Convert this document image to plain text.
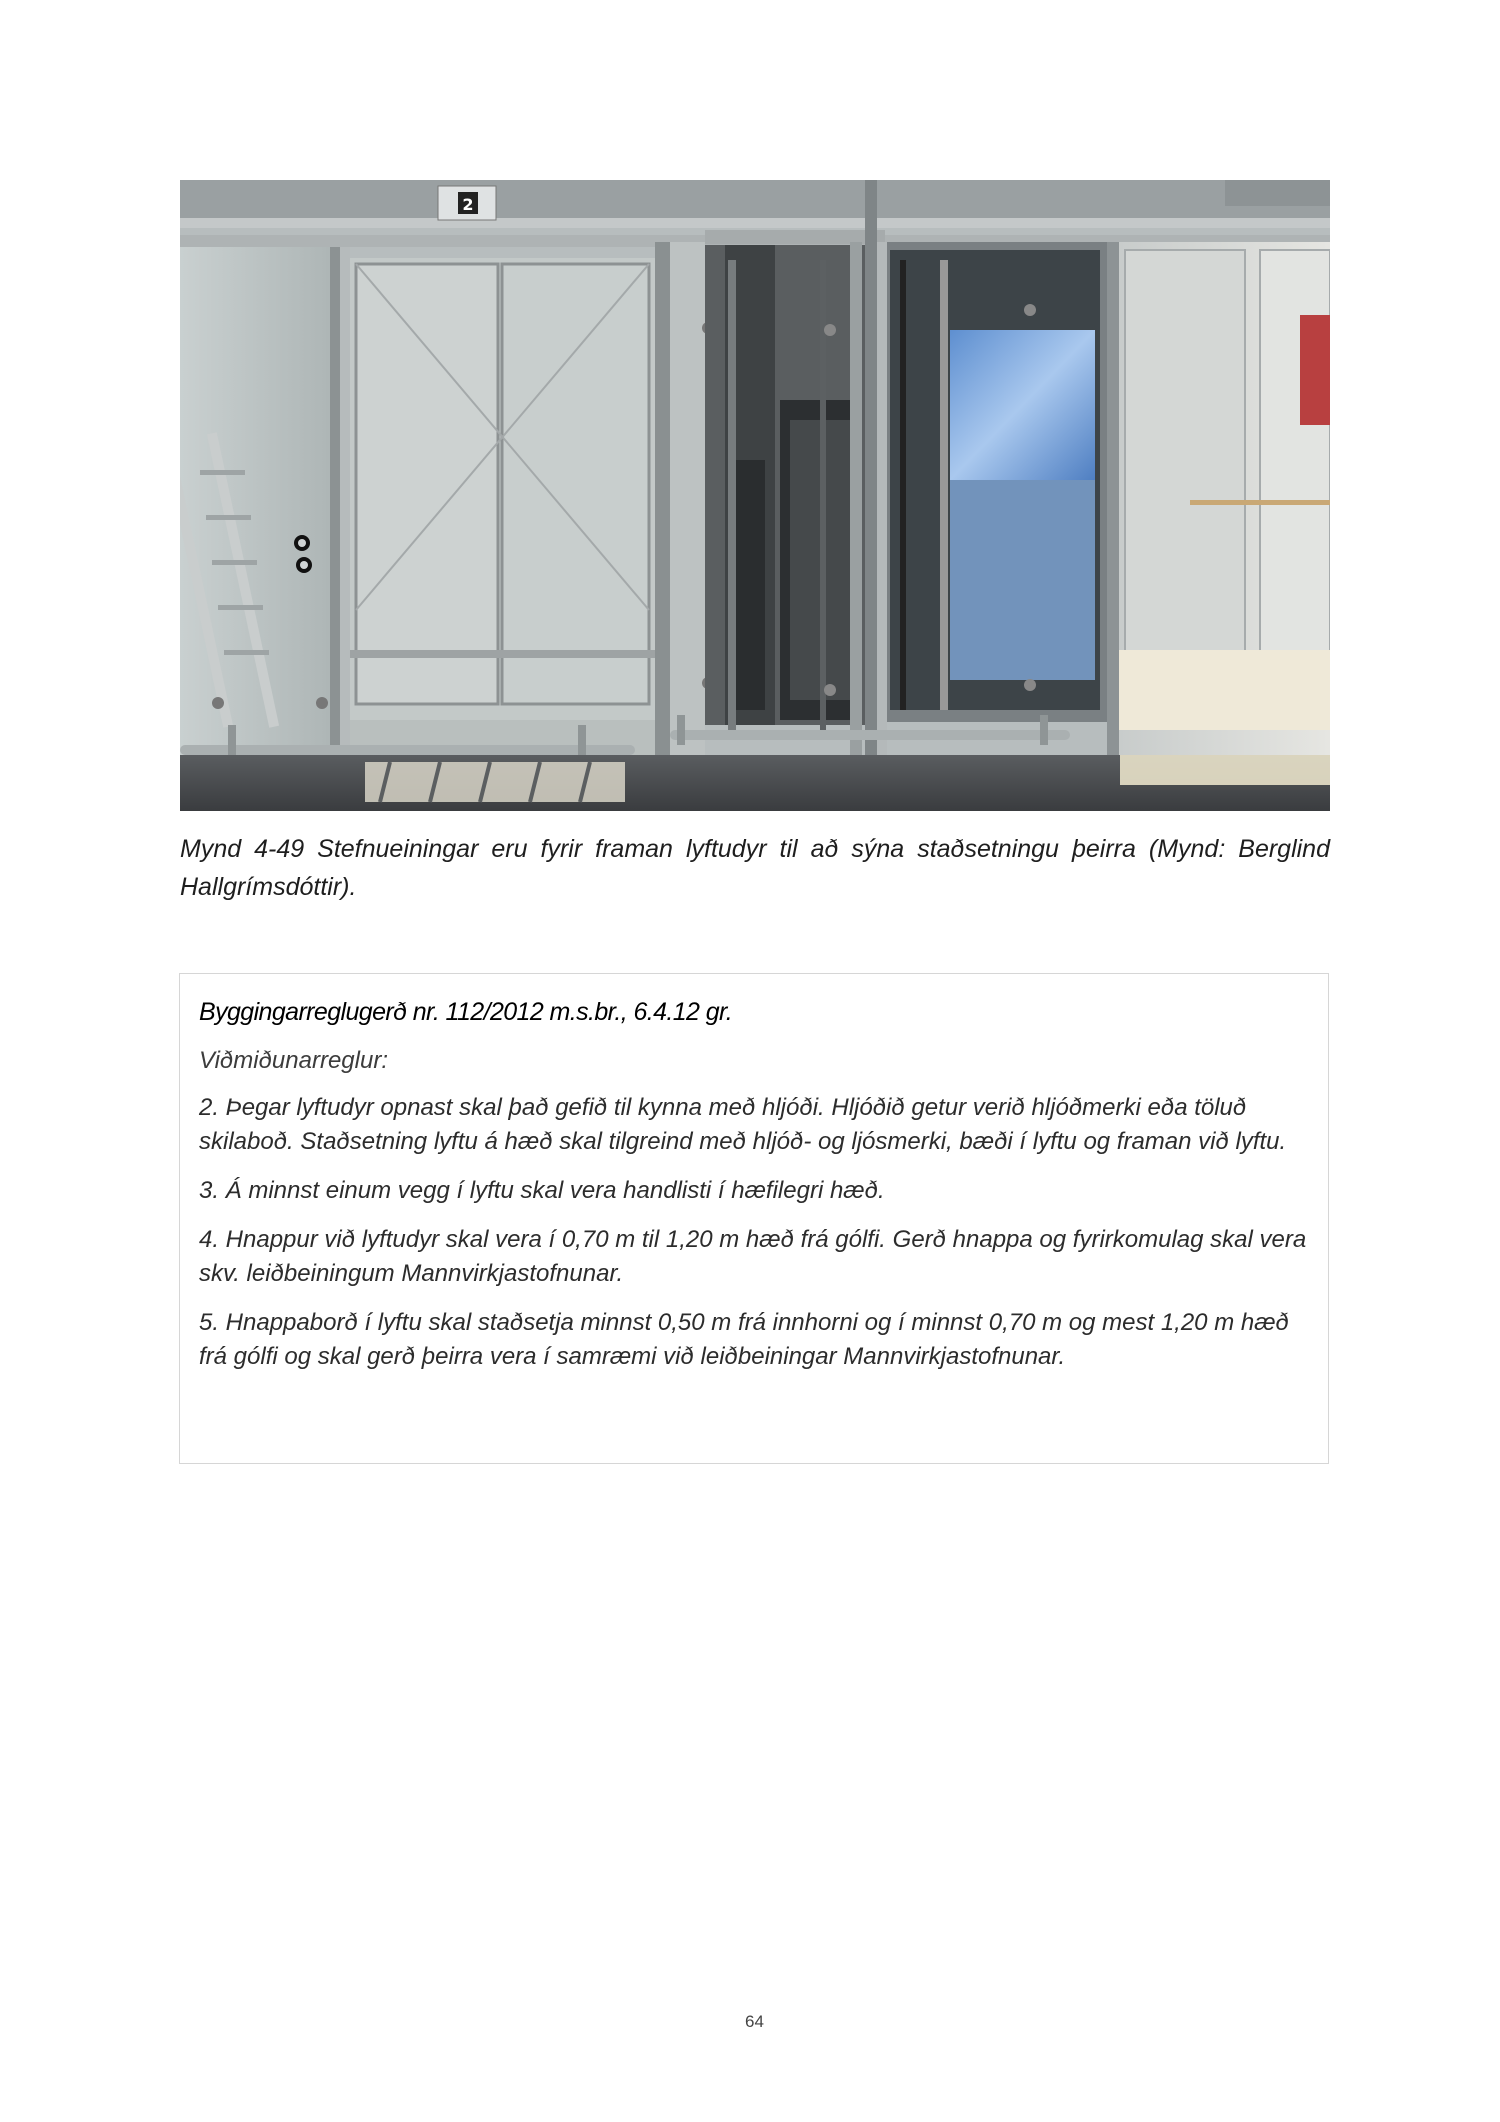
2

Mynd 4-49 Stefnueiningar eru fyrir framan lyftudyr til að sýna staðsetningu þeirra (Mynd: Berglind Hallgrímsdóttir).

Byggingarreglugerð nr. 112/2012 m.s.br., 6.4.12 gr.

Viðmiðunarreglur:

2. Þegar lyftudyr opnast skal það gefið til kynna með hljóði. Hljóðið getur verið hljóðmerki eða töluð skilaboð. Staðsetning lyftu á hæð skal tilgreind með hljóð- og ljósmerki, bæði í lyftu og framan við lyftu.

3. Á minnst einum vegg í lyftu skal vera handlisti í hæfilegri hæð.

4. Hnappur við lyftudyr skal vera í 0,70 m til 1,20 m hæð frá gólfi. Gerð hnappa og fyrirkomulag skal vera skv. leiðbeiningum Mannvirkjastofnunar.

5. Hnappaborð í lyftu skal staðsetja minnst 0,50 m frá innhorni og í minnst 0,70 m og mest 1,20 m hæð frá gólfi og skal gerð þeirra vera í samræmi við leiðbeiningar Mannvirkjastofnunar.

64
